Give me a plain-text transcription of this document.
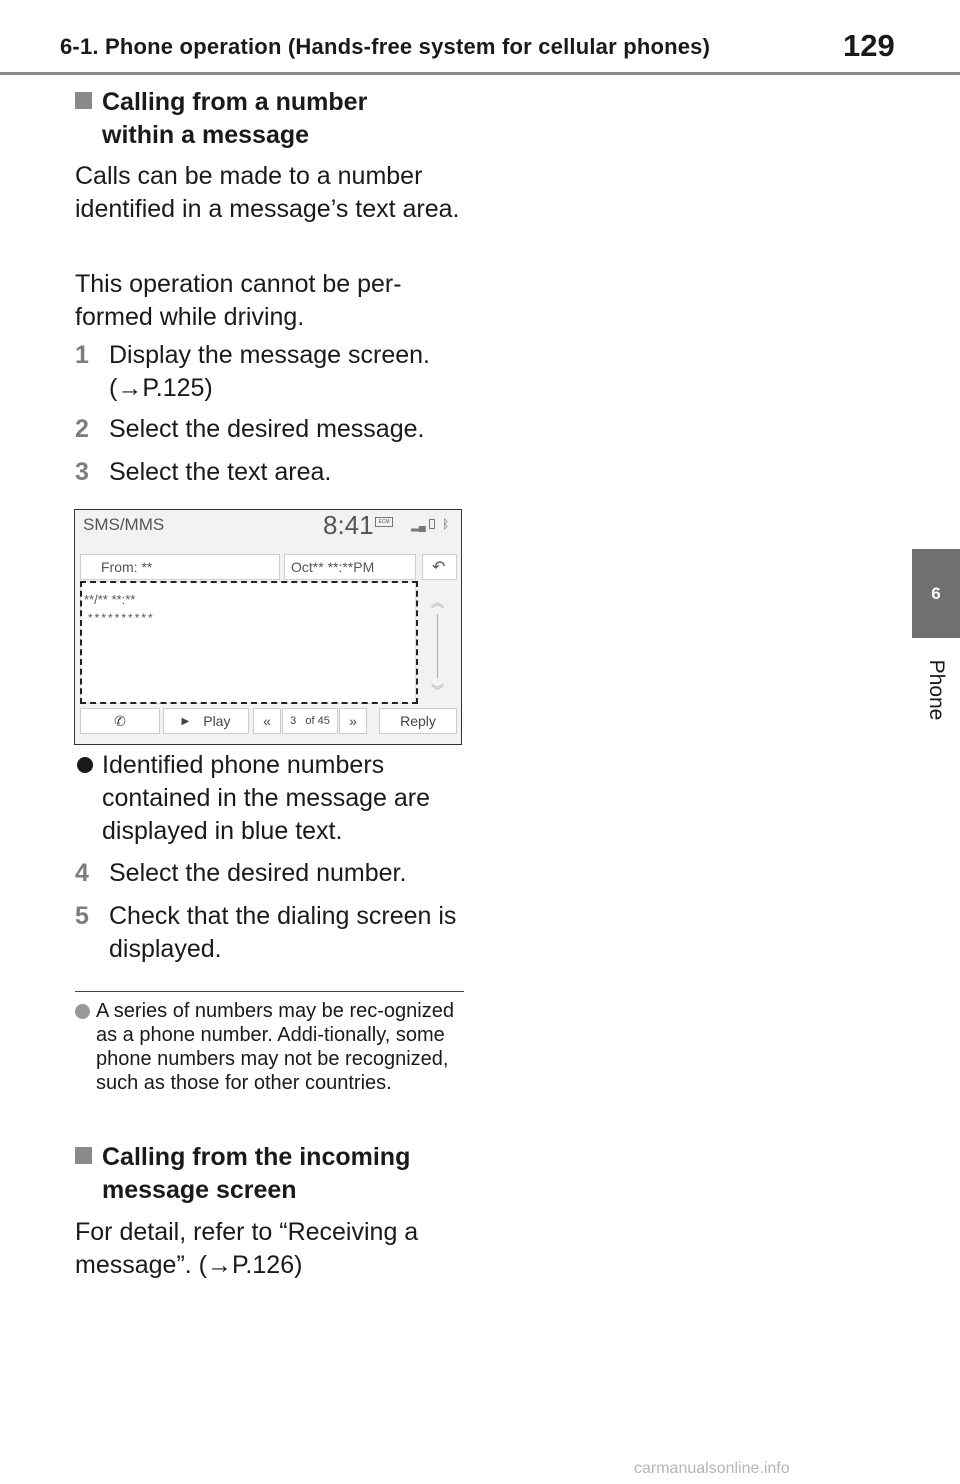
6-1. Phone operation (Hands-free system for cellular phones)	129
6
Phone
Calling from a number
within a message
Calls can be made to a number identified in a message’s text area.
This operation cannot be per-formed while driving.
1 Display the message screen. (→P.125)
2 Select the desired message.
3 Select the text area.
SMS/MMS	8:41 ECM	▂▄ ᛒ
From: **	Oct** **:**PM	↶
**/** **:**
**********
︽
︾
✆	▶ Play « 3
of
45 »	Reply
Identified phone numbers contained in the message are displayed in blue text.
4 Select the desired number.
5 Check that the dialing screen is displayed.
A series of numbers may be rec-ognized as a phone number. Addi-tionally, some phone numbers may not be recognized, such as those for other countries.
Calling from the incoming
message screen
For detail, refer to “Receiving a message”. (→P.126)
carmanualsonline.info
